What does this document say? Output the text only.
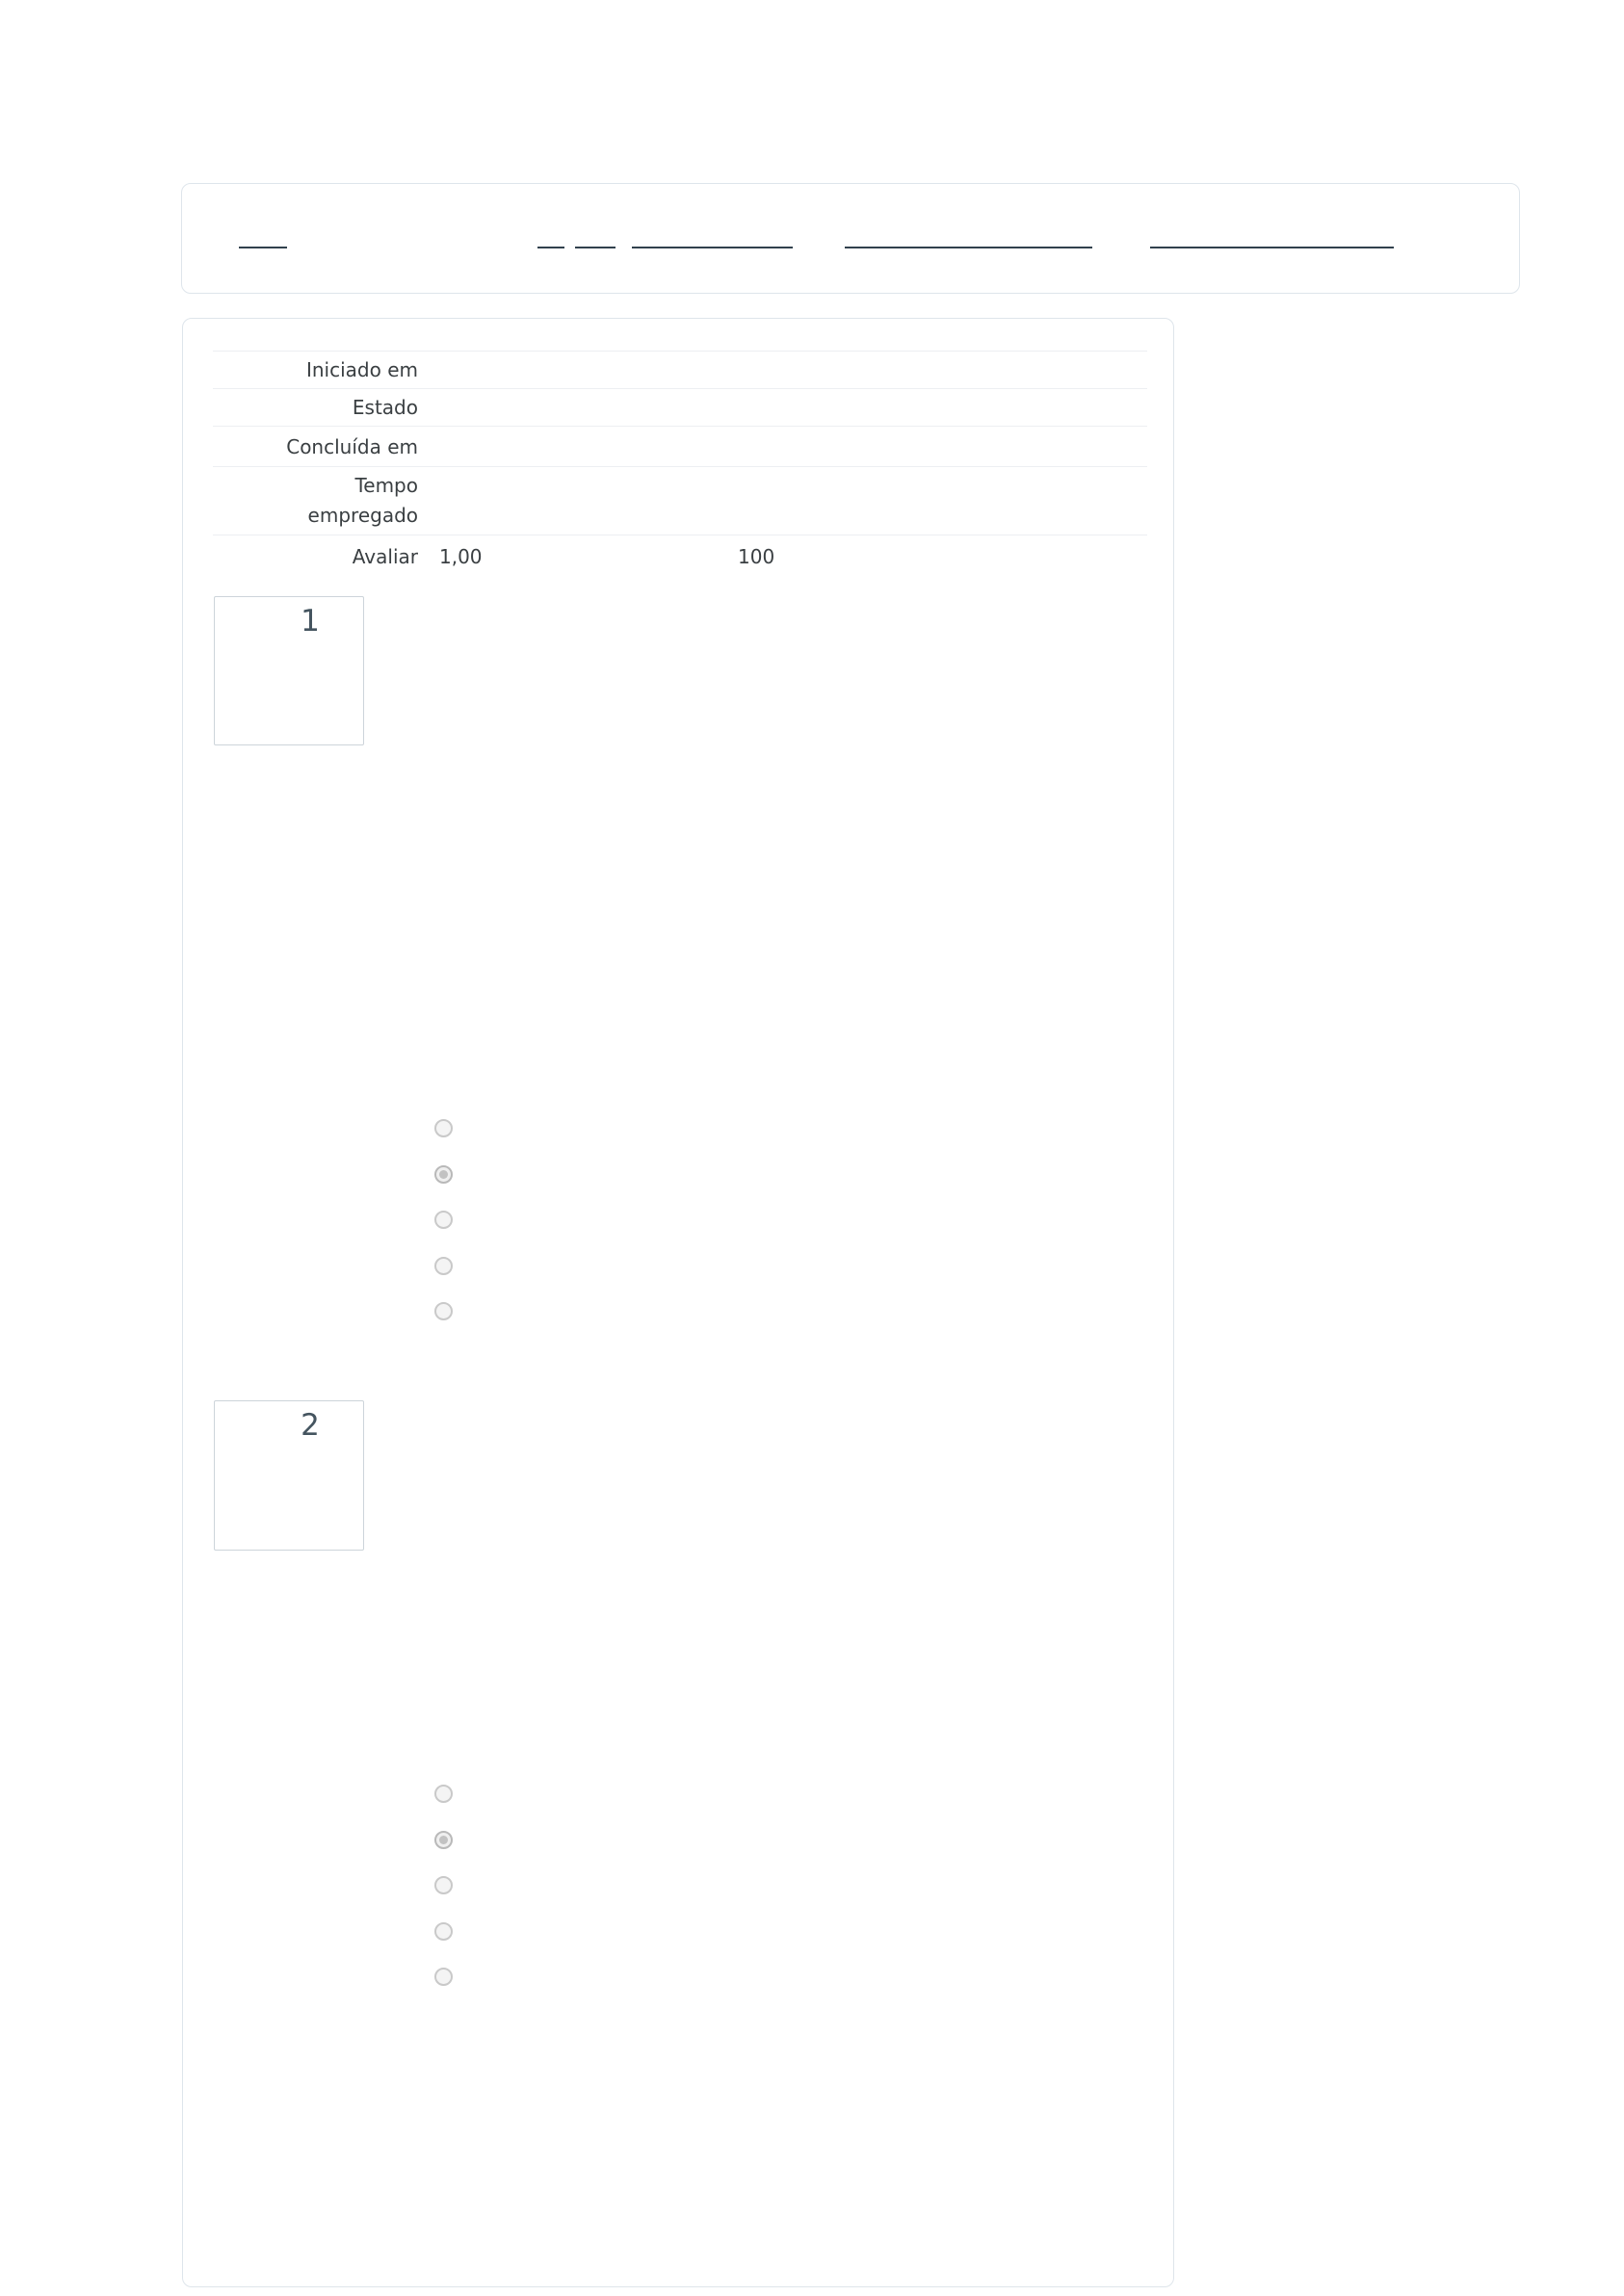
Iniciado em
Estado
Concluída em
Tempo empregado
Avaliar 1,00	100
1
2
